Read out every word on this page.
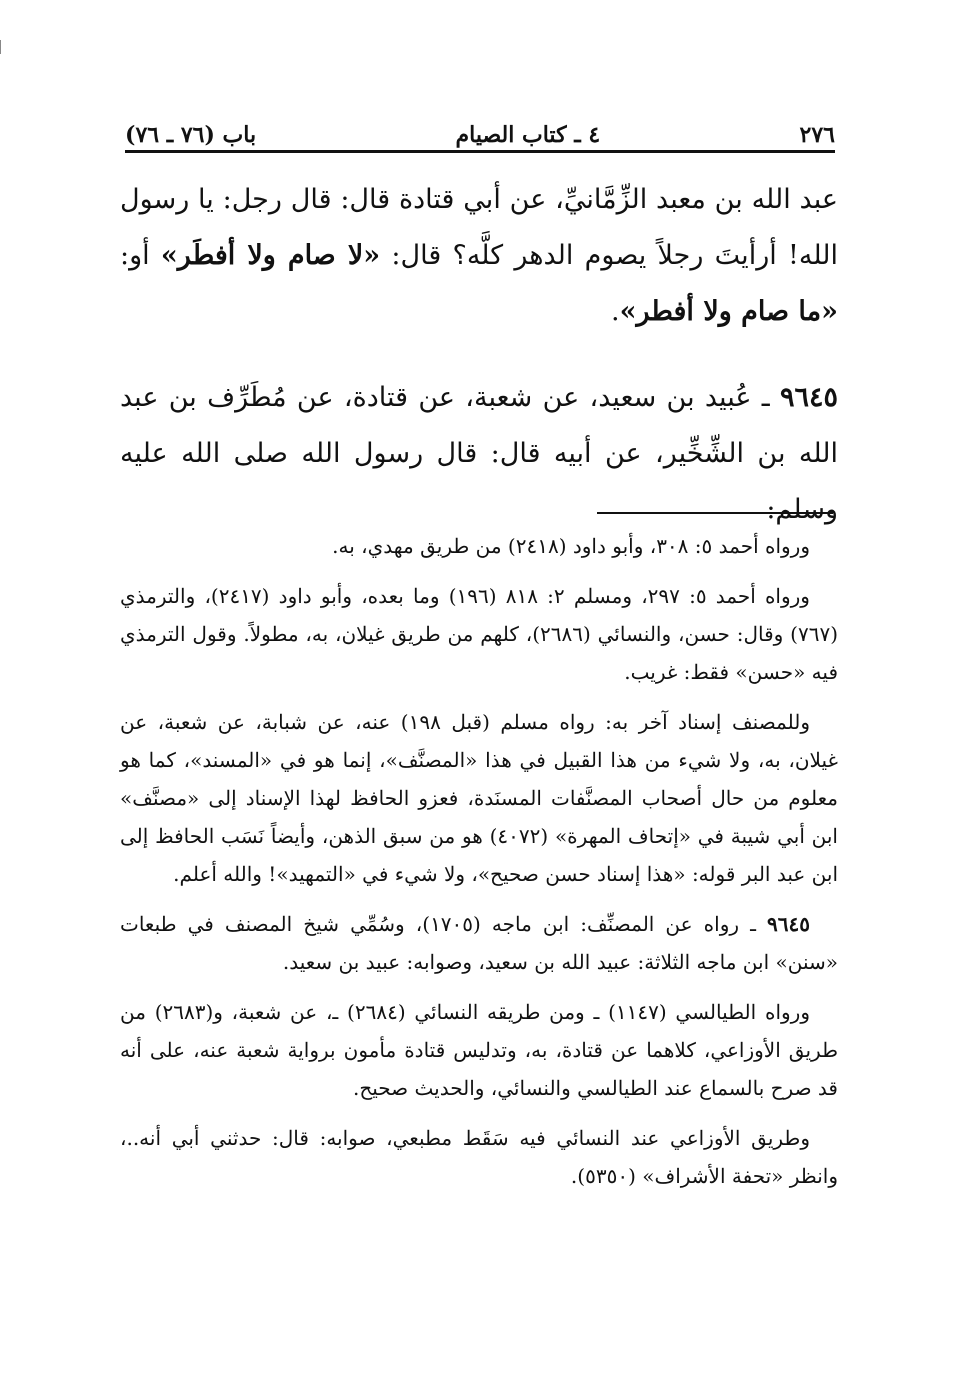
٢٧٦
٤ ـ كتاب الصيام
باب (٧٦ ـ ٧٦)

عبد الله بن معبد الزِّمَّانيِّ، عن أبي قتادة قال: قال رجل: يا رسول الله! أرأيتَ رجلاً يصوم الدهر كلَّه؟ قال: «لا صام ولا أفطَر» أو: «ما صام ولا أفطر».

٩٦٤٥ ـ عُبيد بن سعيد، عن شعبة، عن قتادة، عن مُطَرِّف بن عبد الله بن الشِّخِّير، عن أبيه قال: قال رسول الله صلى الله عليه وسلم:

ورواه أحمد ٥: ٣٠٨، وأبو داود (٢٤١٨) من طريق مهدي، به.

ورواه أحمد ٥: ٢٩٧، ومسلم ٢: ٨١٨ (١٩٦) وما بعده، وأبو داود (٢٤١٧)، والترمذي (٧٦٧) وقال: حسن، والنسائي (٢٦٨٦)، كلهم من طريق غيلان، به، مطولاً. وقول الترمذي فيه «حسن» فقط: غريب.

وللمصنف إسناد آخر به: رواه مسلم (قبل ١٩٨) عنه، عن شبابة، عن شعبة، عن غيلان، به، ولا شيء من هذا القبيل في هذا «المصنَّف»، إنما هو في «المسند»، كما هو معلوم من حال أصحاب المصنَّفات المسنَدة، فعزو الحافظ لهذا الإسناد إلى «مصنَّف» ابن أبي شيبة في «إتحاف المهرة» (٤٠٧٢) هو من سبق الذهن، وأيضاً نَسَب الحافظ إلى ابن عبد البر قوله: «هذا إسناد حسن صحيح»، ولا شيء في «التمهيد»! والله أعلم.

٩٦٤٥ ـ رواه عن المصنِّف: ابن ماجه (١٧٠٥)، وسُمِّي شيخ المصنف في طبعات «سنن» ابن ماجه الثلاثة: عبيد الله بن سعيد، وصوابه: عبيد بن سعيد.

ورواه الطيالسي (١١٤٧) ـ ومن طريقه النسائي (٢٦٨٤) ـ، عن شعبة، و(٢٦٨٣) من طريق الأوزاعي، كلاهما عن قتادة، به، وتدليس قتادة مأمون برواية شعبة عنه، على أنه قد صرح بالسماع عند الطيالسي والنسائي، والحديث صحيح.

وطريق الأوزاعي عند النسائي فيه سَقَط مطبعي، صوابه: قال: حدثني أبي أنه..، وانظر «تحفة الأشراف» (٥٣٥٠).
